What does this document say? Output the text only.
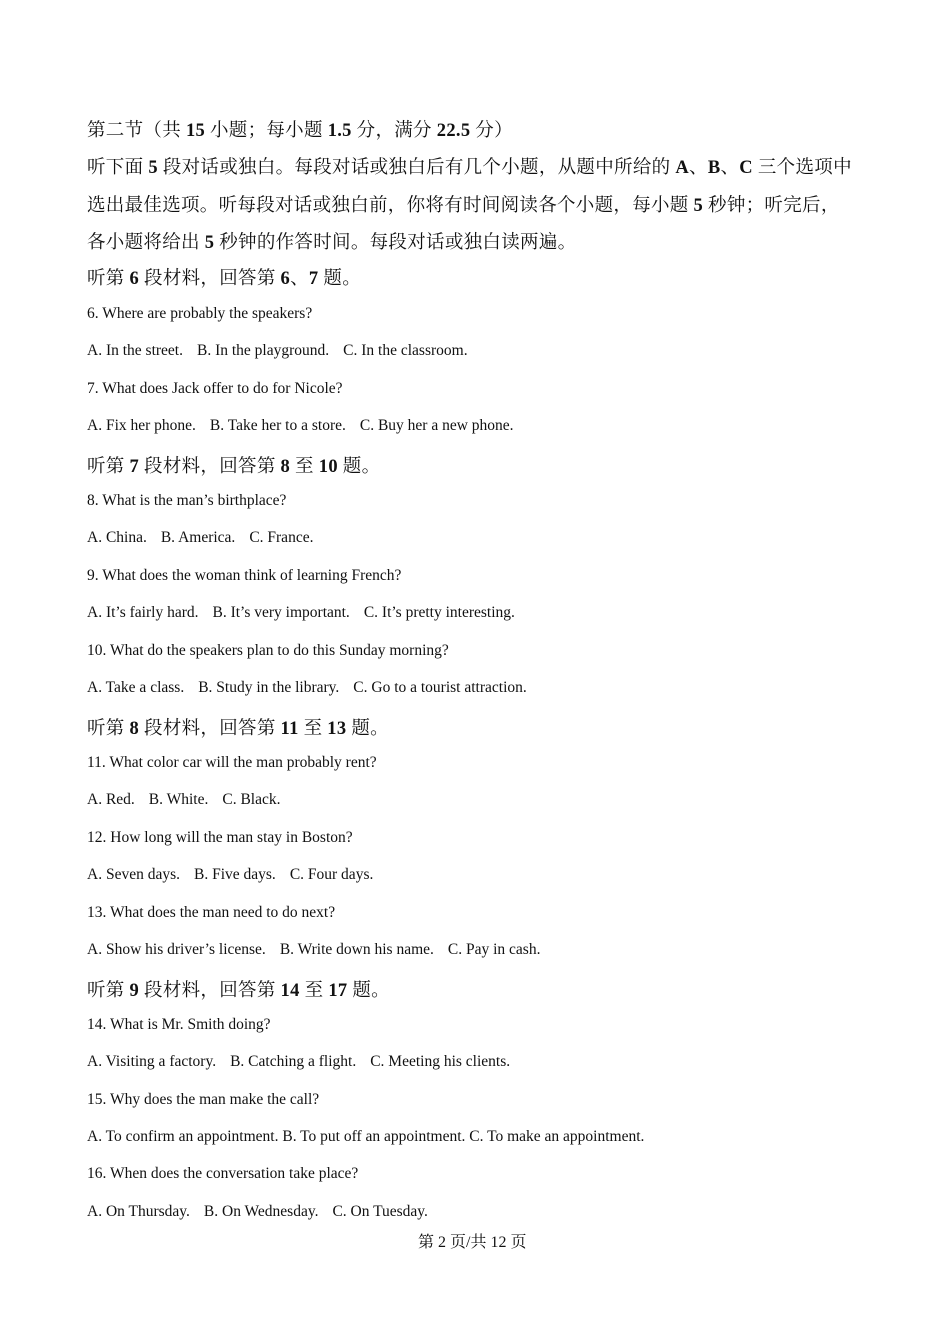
第二节（共 15 小题；每小题 1.5 分，满分 22.5 分）
听下面 5 段对话或独白。每段对话或独白后有几个小题，从题中所给的 A、B、C 三个选项中
选出最佳选项。听每段对话或独白前，你将有时间阅读各个小题，每小题 5 秒钟；听完后，
各小题将给出 5 秒钟的作答时间。每段对话或独白读两遍。
听第 6 段材料，回答第 6、7 题。
6. Where are probably the speakers?
A. In the street. B. In the playground. C. In the classroom.
7. What does Jack offer to do for Nicole?
A. Fix her phone. B. Take her to a store. C. Buy her a new phone.
听第 7 段材料，回答第 8 至 10 题。
8. What is the man’s birthplace?
A. China. B. America. C. France.
9. What does the woman think of learning French?
A. It’s fairly hard. B. It’s very important. C. It’s pretty interesting.
10. What do the speakers plan to do this Sunday morning?
A. Take a class. B. Study in the library. C. Go to a tourist attraction.
听第 8 段材料，回答第 11 至 13 题。
11. What color car will the man probably rent?
A. Red. B. White. C. Black.
12. How long will the man stay in Boston?
A. Seven days. B. Five days. C. Four days.
13. What does the man need to do next?
A. Show his driver’s license. B. Write down his name. C. Pay in cash.
听第 9 段材料，回答第 14 至 17 题。
14. What is Mr. Smith doing?
A. Visiting a factory. B. Catching a flight. C. Meeting his clients.
15. Why does the man make the call?
A. To confirm an appointment. B. To put off an appointment. C. To make an appointment.
16. When does the conversation take place?
A. On Thursday. B. On Wednesday. C. On Tuesday.
第 2 页/共 12 页
